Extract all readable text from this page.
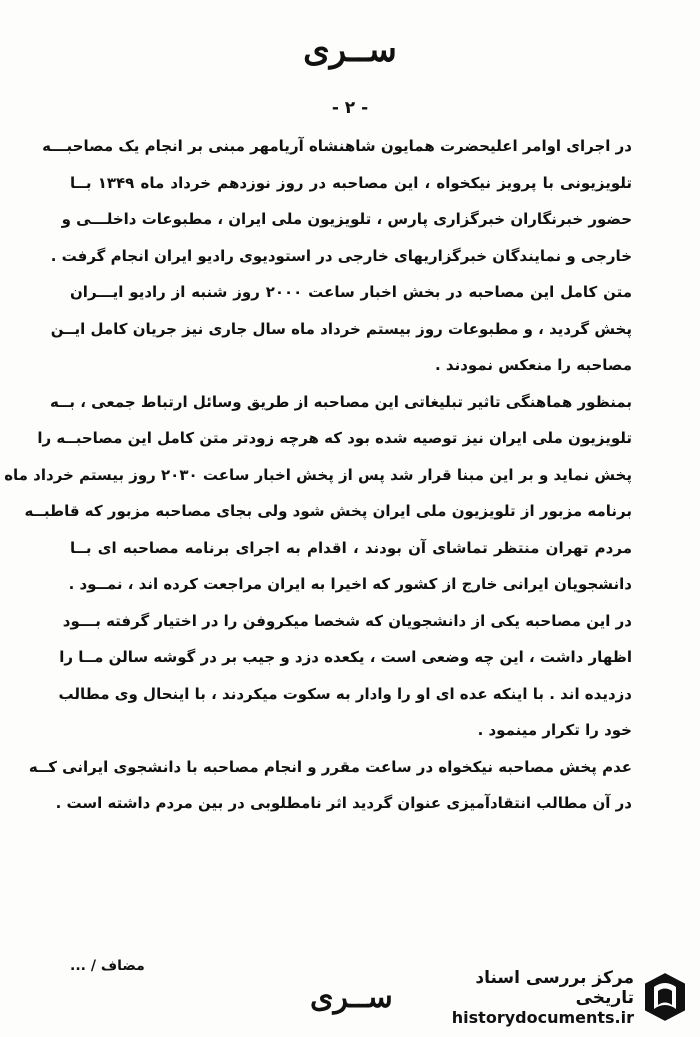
ســری
- ۲ -
در اجرای اوامر اعلیحضرت همایون شاهنشاه آریامهر مبنی بر انجام یک مصاحبـــه
تلویزیونی با پرویز نیکخواه ، این مصاحبه در روز نوزدهم خرداد ماه ۱۳۴۹ بــا
حضور خبرنگاران خبرگزاری پارس ، تلویزیون ملی ایران ، مطبوعات داخلـــی و
خارجی و نمایندگان خبرگزاریهای خارجی در استودیوی رادیو ایران انجام گرفت .
متن کامل این مصاحبه در بخش اخبار ساعت ۲۰۰۰ روز شنبه از رادیو ایـــران
پخش گردید ، و مطبوعات روز بیستم خرداد ماه سال جاری نیز جریان کامل ایــن
مصاحبه را منعکس نمودند .
بمنظور هماهنگی تاثیر تبلیغاتی این مصاحبه از طریق وسائل ارتباط جمعی ، بــه
تلویزیون ملی ایران نیز توصیه شده بود که هرچه زودتر متن کامل این مصاحبــه را
پخش نماید و بر این مبنا قرار شد پس از پخش اخبار ساعت ۲۰۳۰ روز بیستم خرداد ماه
برنامه مزبور از تلویزیون ملی ایران پخش شود ولی بجای مصاحبه مزبور که قاطبــه
مردم تهران منتظر تماشای آن بودند ، اقدام به اجرای برنامه مصاحبه ای بــا
دانشجویان ایرانی خارج از کشور که اخیرا به ایران مراجعت کرده اند ، نمــود .
در این مصاحبه یکی از دانشجویان که شخصا میکروفن را در اختیار گرفته بـــود
اظهار داشت ، این چه وضعی است ، یکعده دزد و جیب بر در گوشه سالن مــا را
دزدیده اند . با اینکه عده ای او را وادار به سکوت میکردند ، با اینحال وی مطالب
خود را تکرار مینمود .
عدم پخش مصاحبه نیکخواه در ساعت مقرر و انجام مصاحبه با دانشجوی ایرانی کــه
در آن مطالب انتقادآمیزی عنوان گردید اثر نامطلوبی در بین مردم داشته است .
مضاف / ...
ســری
مرکز بررسی اسناد تاریخی
historydocuments.ir
